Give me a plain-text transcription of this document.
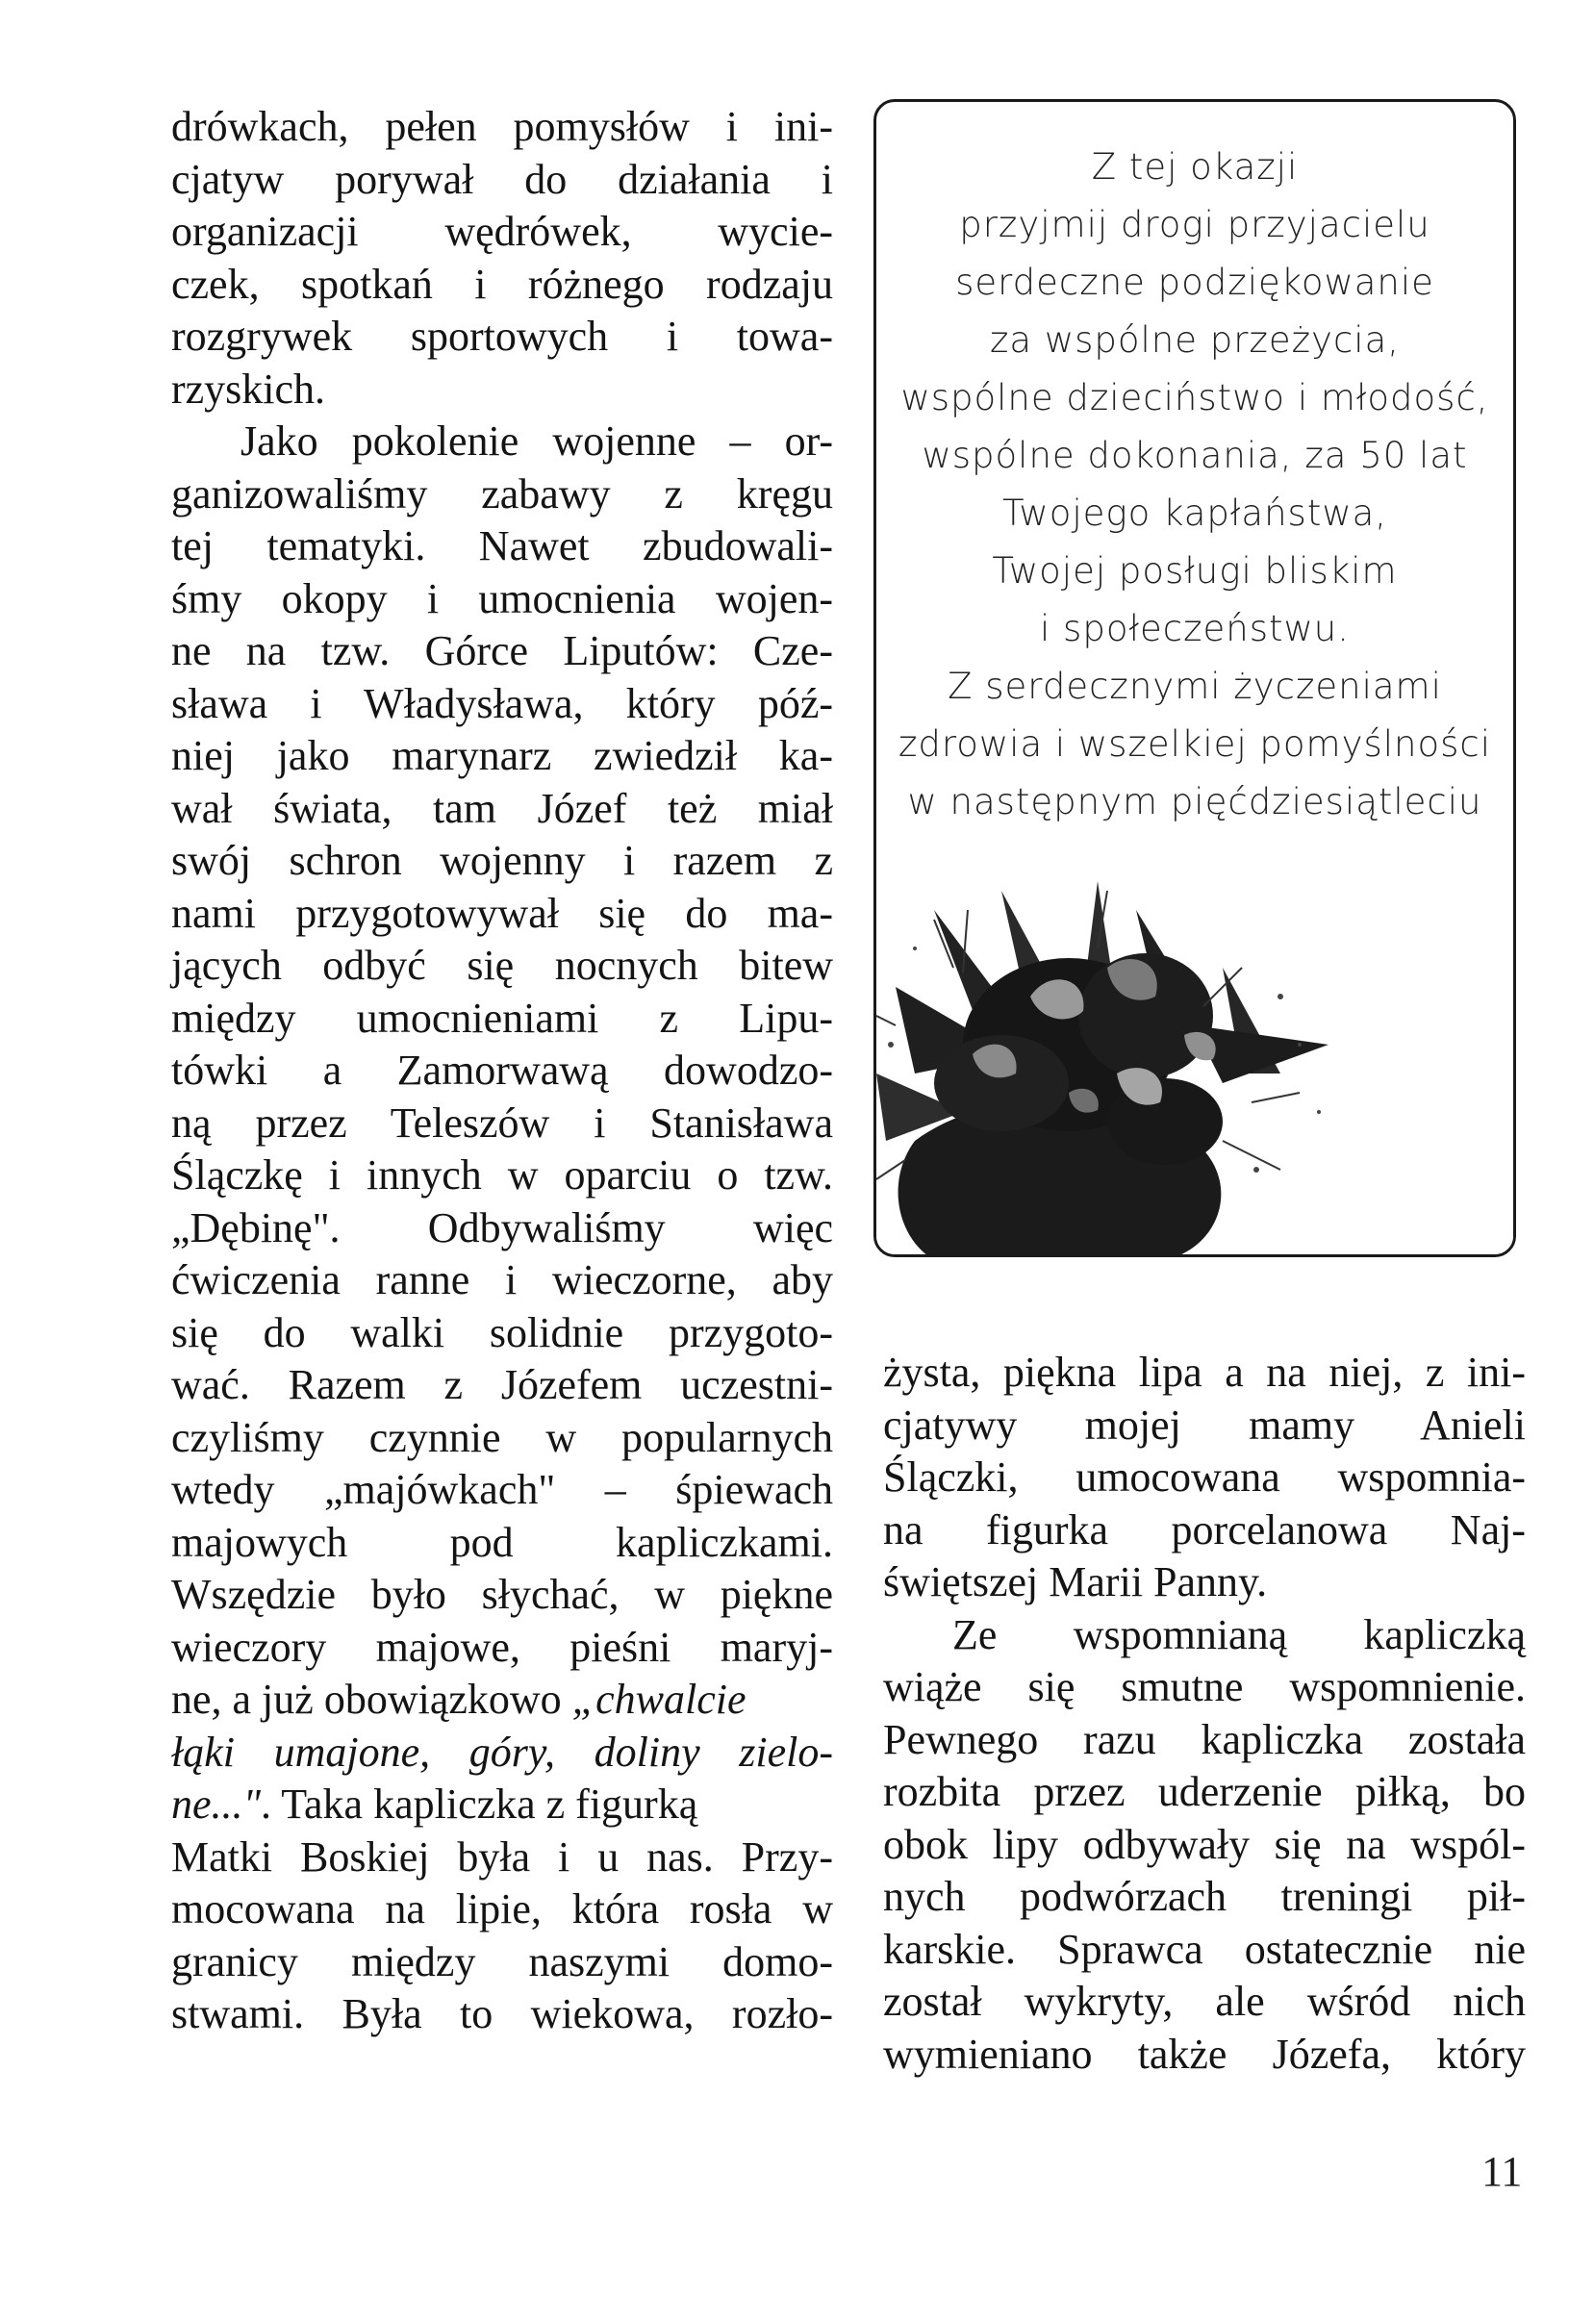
drówkach, pełen pomysłów i ini-
cjatyw porywał do działania i
organizacji wędrówek, wycie-
czek, spotkań i różnego rodzaju
rozgrywek sportowych i towa-
rzyskich.
Jako pokolenie wojenne – or-
ganizowaliśmy zabawy z kręgu
tej tematyki. Nawet zbudowali-
śmy okopy i umocnienia wojen-
ne na tzw. Górce Liputów: Cze-
sława i Władysława, który póź-
niej jako marynarz zwiedził ka-
wał świata, tam Józef też miał
swój schron wojenny i razem z
nami przygotowywał się do ma-
jących odbyć się nocnych bitew
między umocnieniami z Lipu-
tówki a Zamorwawą dowodzo-
ną przez Teleszów i Stanisława
Ślączkę i innych w oparciu o tzw.
„Dębinę". Odbywaliśmy więc
ćwiczenia ranne i wieczorne, aby
się do walki solidnie przygoto-
wać. Razem z Józefem uczestni-
czyliśmy czynnie w popularnych
wtedy „majówkach" – śpiewach
majowych pod kapliczkami.
Wszędzie było słychać, w piękne
wieczory majowe, pieśni maryj-
ne, a już obowiązkowo „chwalcie
łąki umajone, góry, doliny zielo-
ne...". Taka kapliczka z figurką
Matki Boskiej była i u nas. Przy-
mocowana na lipie, która rosła w
granicy między naszymi domo-
stwami. Była to wiekowa, rozło-
Z tej okazji
przyjmij drogi przyjacielu
serdeczne podziękowanie
za wspólne przeżycia,
wspólne dzieciństwo i młodość,
wspólne dokonania, za 50 lat
Twojego kapłaństwa,
Twojej posługi bliskim
i społeczeństwu.
Z serdecznymi życzeniami
zdrowia i wszelkiej pomyślności
w następnym pięćdziesiątleciu
żysta, piękna lipa a na niej, z ini-
cjatywy mojej mamy Anieli
Ślączki, umocowana wspomnia-
na figurka porcelanowa Naj-
świętszej Marii Panny.
Ze wspomnianą kapliczką
wiąże się smutne wspomnienie.
Pewnego razu kapliczka została
rozbita przez uderzenie piłką, bo
obok lipy odbywały się na wspól-
nych podwórzach treningi pił-
karskie. Sprawca ostatecznie nie
został wykryty, ale wśród nich
wymieniano także Józefa, który
11
